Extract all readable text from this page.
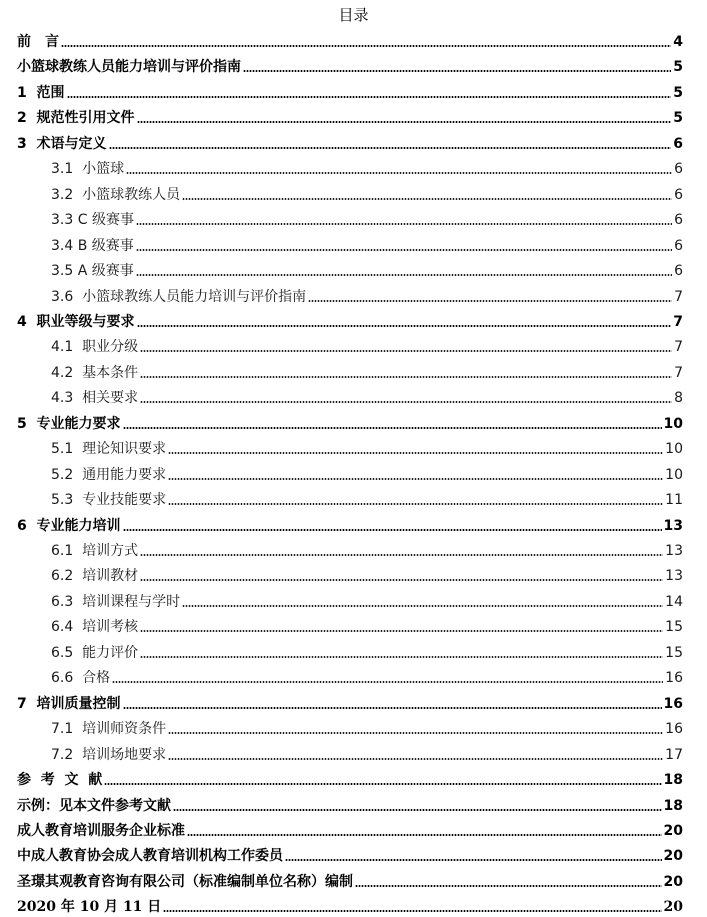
目录
前　言	4
小篮球教练人员能力培训与评价指南	5
1  范围	5
2  规范性引用文件	5
3  术语与定义	6
3.1  小篮球	6
3.2  小篮球教练人员	6
3.3 C 级赛事	6
3.4 B 级赛事	6
3.5 A 级赛事	6
3.6  小篮球教练人员能力培训与评价指南	7
4  职业等级与要求	7
4.1  职业分级	7
4.2  基本条件	7
4.3  相关要求	8
5  专业能力要求	10
5.1  理论知识要求	10
5.2  通用能力要求	10
5.3  专业技能要求	11
6  专业能力培训	13
6.1  培训方式	13
6.2  培训教材	13
6.3  培训课程与学时	14
6.4  培训考核	15
6.5  能力评价	15
6.6  合格	16
7  培训质量控制	16
7.1  培训师资条件	16
7.2  培训场地要求	17
参  考  文  献	18
示例：见本文件参考文献	18
成人教育培训服务企业标准	20
中成人教育协会成人教育培训机构工作委员	20
圣璟其观教育咨询有限公司（标准编制单位名称）编制	20
2020 年 10 月 11 日	20
